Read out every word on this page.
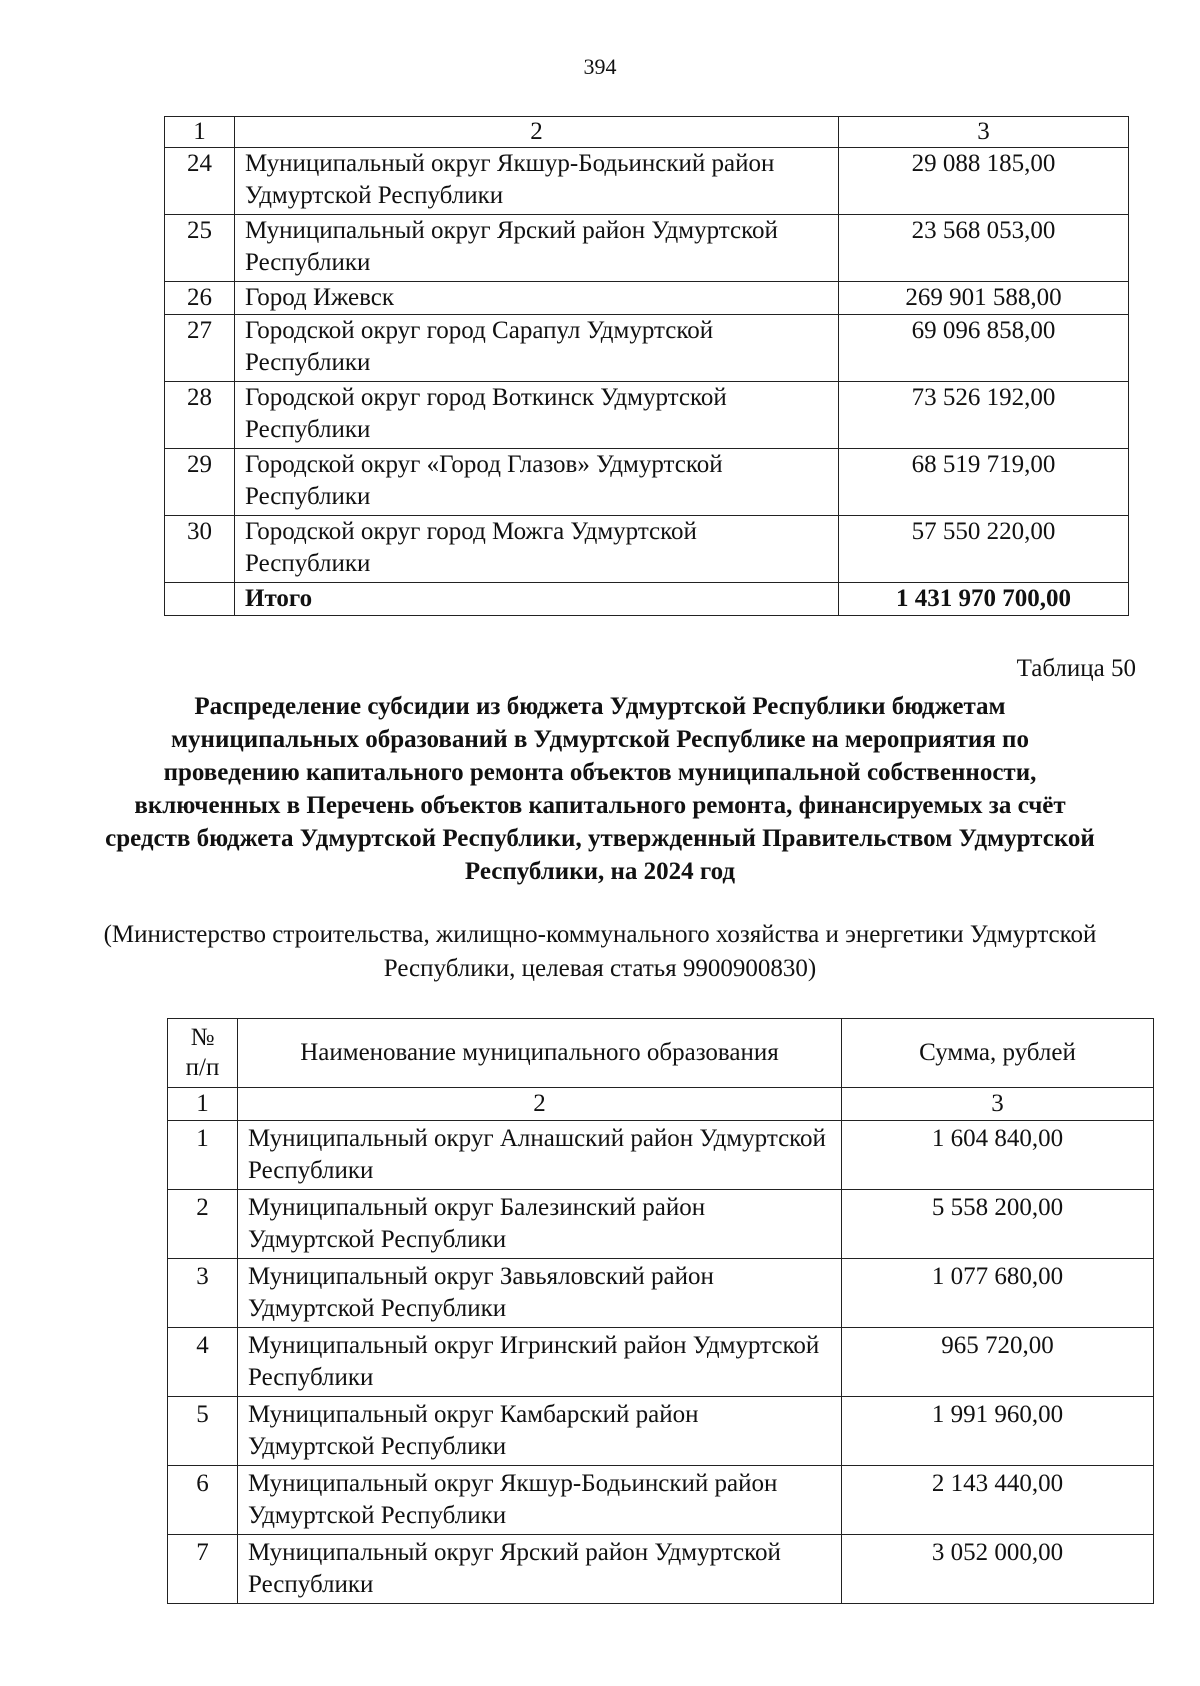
394
1	2	3
24	Муниципальный округ Якшур-Бодьинский район Удмуртской Республики	29 088 185,00
25	Муниципальный округ Ярский район Удмуртской Республики	23 568 053,00
26	Город Ижевск	269 901 588,00
27	Городской округ город Сарапул Удмуртской Республики	69 096 858,00
28	Городской округ город Воткинск Удмуртской Республики	73 526 192,00
29	Городской округ «Город Глазов» Удмуртской Республики	68 519 719,00
30	Городской округ город Можга Удмуртской Республики	57 550 220,00
	Итого	1 431 970 700,00
Таблица 50
Распределение субсидии из бюджета Удмуртской Республики бюджетам муниципальных образований в Удмуртской Республике на мероприятия по проведению капитального ремонта объектов муниципальной собственности, включенных в Перечень объектов капитального ремонта, финансируемых за счёт средств бюджета Удмуртской Республики, утвержденный Правительством Удмуртской Республики, на 2024 год
(Министерство строительства, жилищно-коммунального хозяйства и энергетики Удмуртской Республики, целевая статья 9900900830)
№ п/п	Наименование муниципального образования	Сумма, рублей
1	2	3
1	Муниципальный округ Алнашский район Удмуртской Республики	1 604 840,00
2	Муниципальный округ Балезинский район Удмуртской Республики	5 558 200,00
3	Муниципальный округ Завьяловский район Удмуртской Республики	1 077 680,00
4	Муниципальный округ Игринский район Удмуртской Республики	965 720,00
5	Муниципальный округ Камбарский район Удмуртской Республики	1 991 960,00
6	Муниципальный округ Якшур-Бодьинский район Удмуртской Республики	2 143 440,00
7	Муниципальный округ Ярский район Удмуртской Республики	3 052 000,00
